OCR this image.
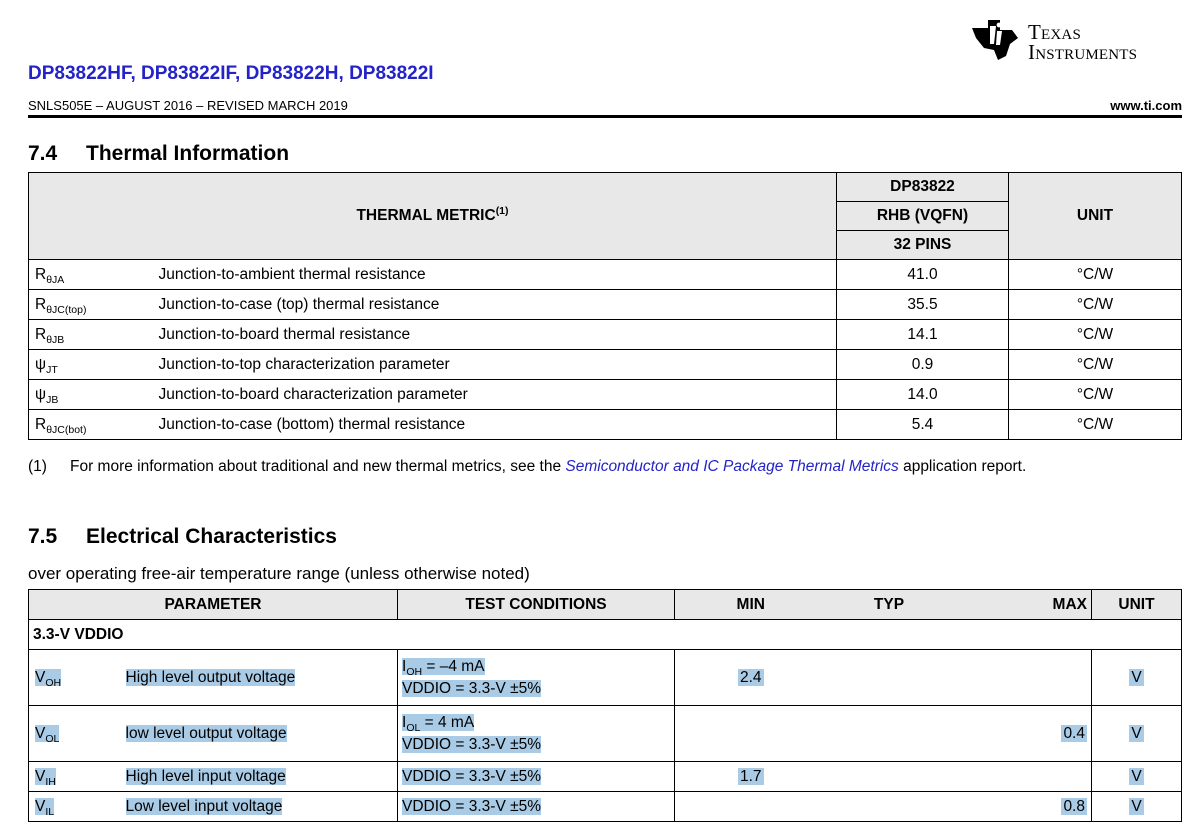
Texas
Instruments
DP83822HF, DP83822IF, DP83822H, DP83822I
SNLS505E – AUGUST 2016 – REVISED MARCH 2019	www.ti.com
7.4 Thermal Information
THERMAL METRIC$^{(1)}$		DP83822	UNIT
		RHB (VQFN)	
		32 PINS	
$R_{\theta JA}$	Junction-to-ambient thermal resistance	41.0	°C/W
$R_{\theta JC(top)}$	Junction-to-case (top) thermal resistance	35.5	°C/W
$R_{\theta JB}$	Junction-to-board thermal resistance	14.1	°C/W
$\psi_{JT}$	Junction-to-top characterization parameter	0.9	°C/W
$\psi_{JB}$	Junction-to-board characterization parameter	14.0	°C/W
$R_{\theta JC(bot)}$	Junction-to-case (bottom) thermal resistance	5.4	°C/W
(1) For more information about traditional and new thermal metrics, see the Semiconductor and IC Package Thermal Metrics application report.
7.5 Electrical Characteristics
over operating free-air temperature range (unless otherwise noted)
PARAMETER		TEST CONDITIONS	MIN	TYP	MAX	UNIT
3.3-V VDDIO						
$V_{OH}$	High level output voltage	$I_{OH} = -4$ mA
VDDIO = 3.3-V ±5%	2.4			V
$V_{OL}$	low level output voltage	$I_{OL} = 4$ mA
VDDIO = 3.3-V ±5%			0.4	V
$V_{IH}$	High level input voltage	VDDIO = 3.3-V ±5%	1.7			V
$V_{IL}$	Low level input voltage	VDDIO = 3.3-V ±5%			0.8	V
